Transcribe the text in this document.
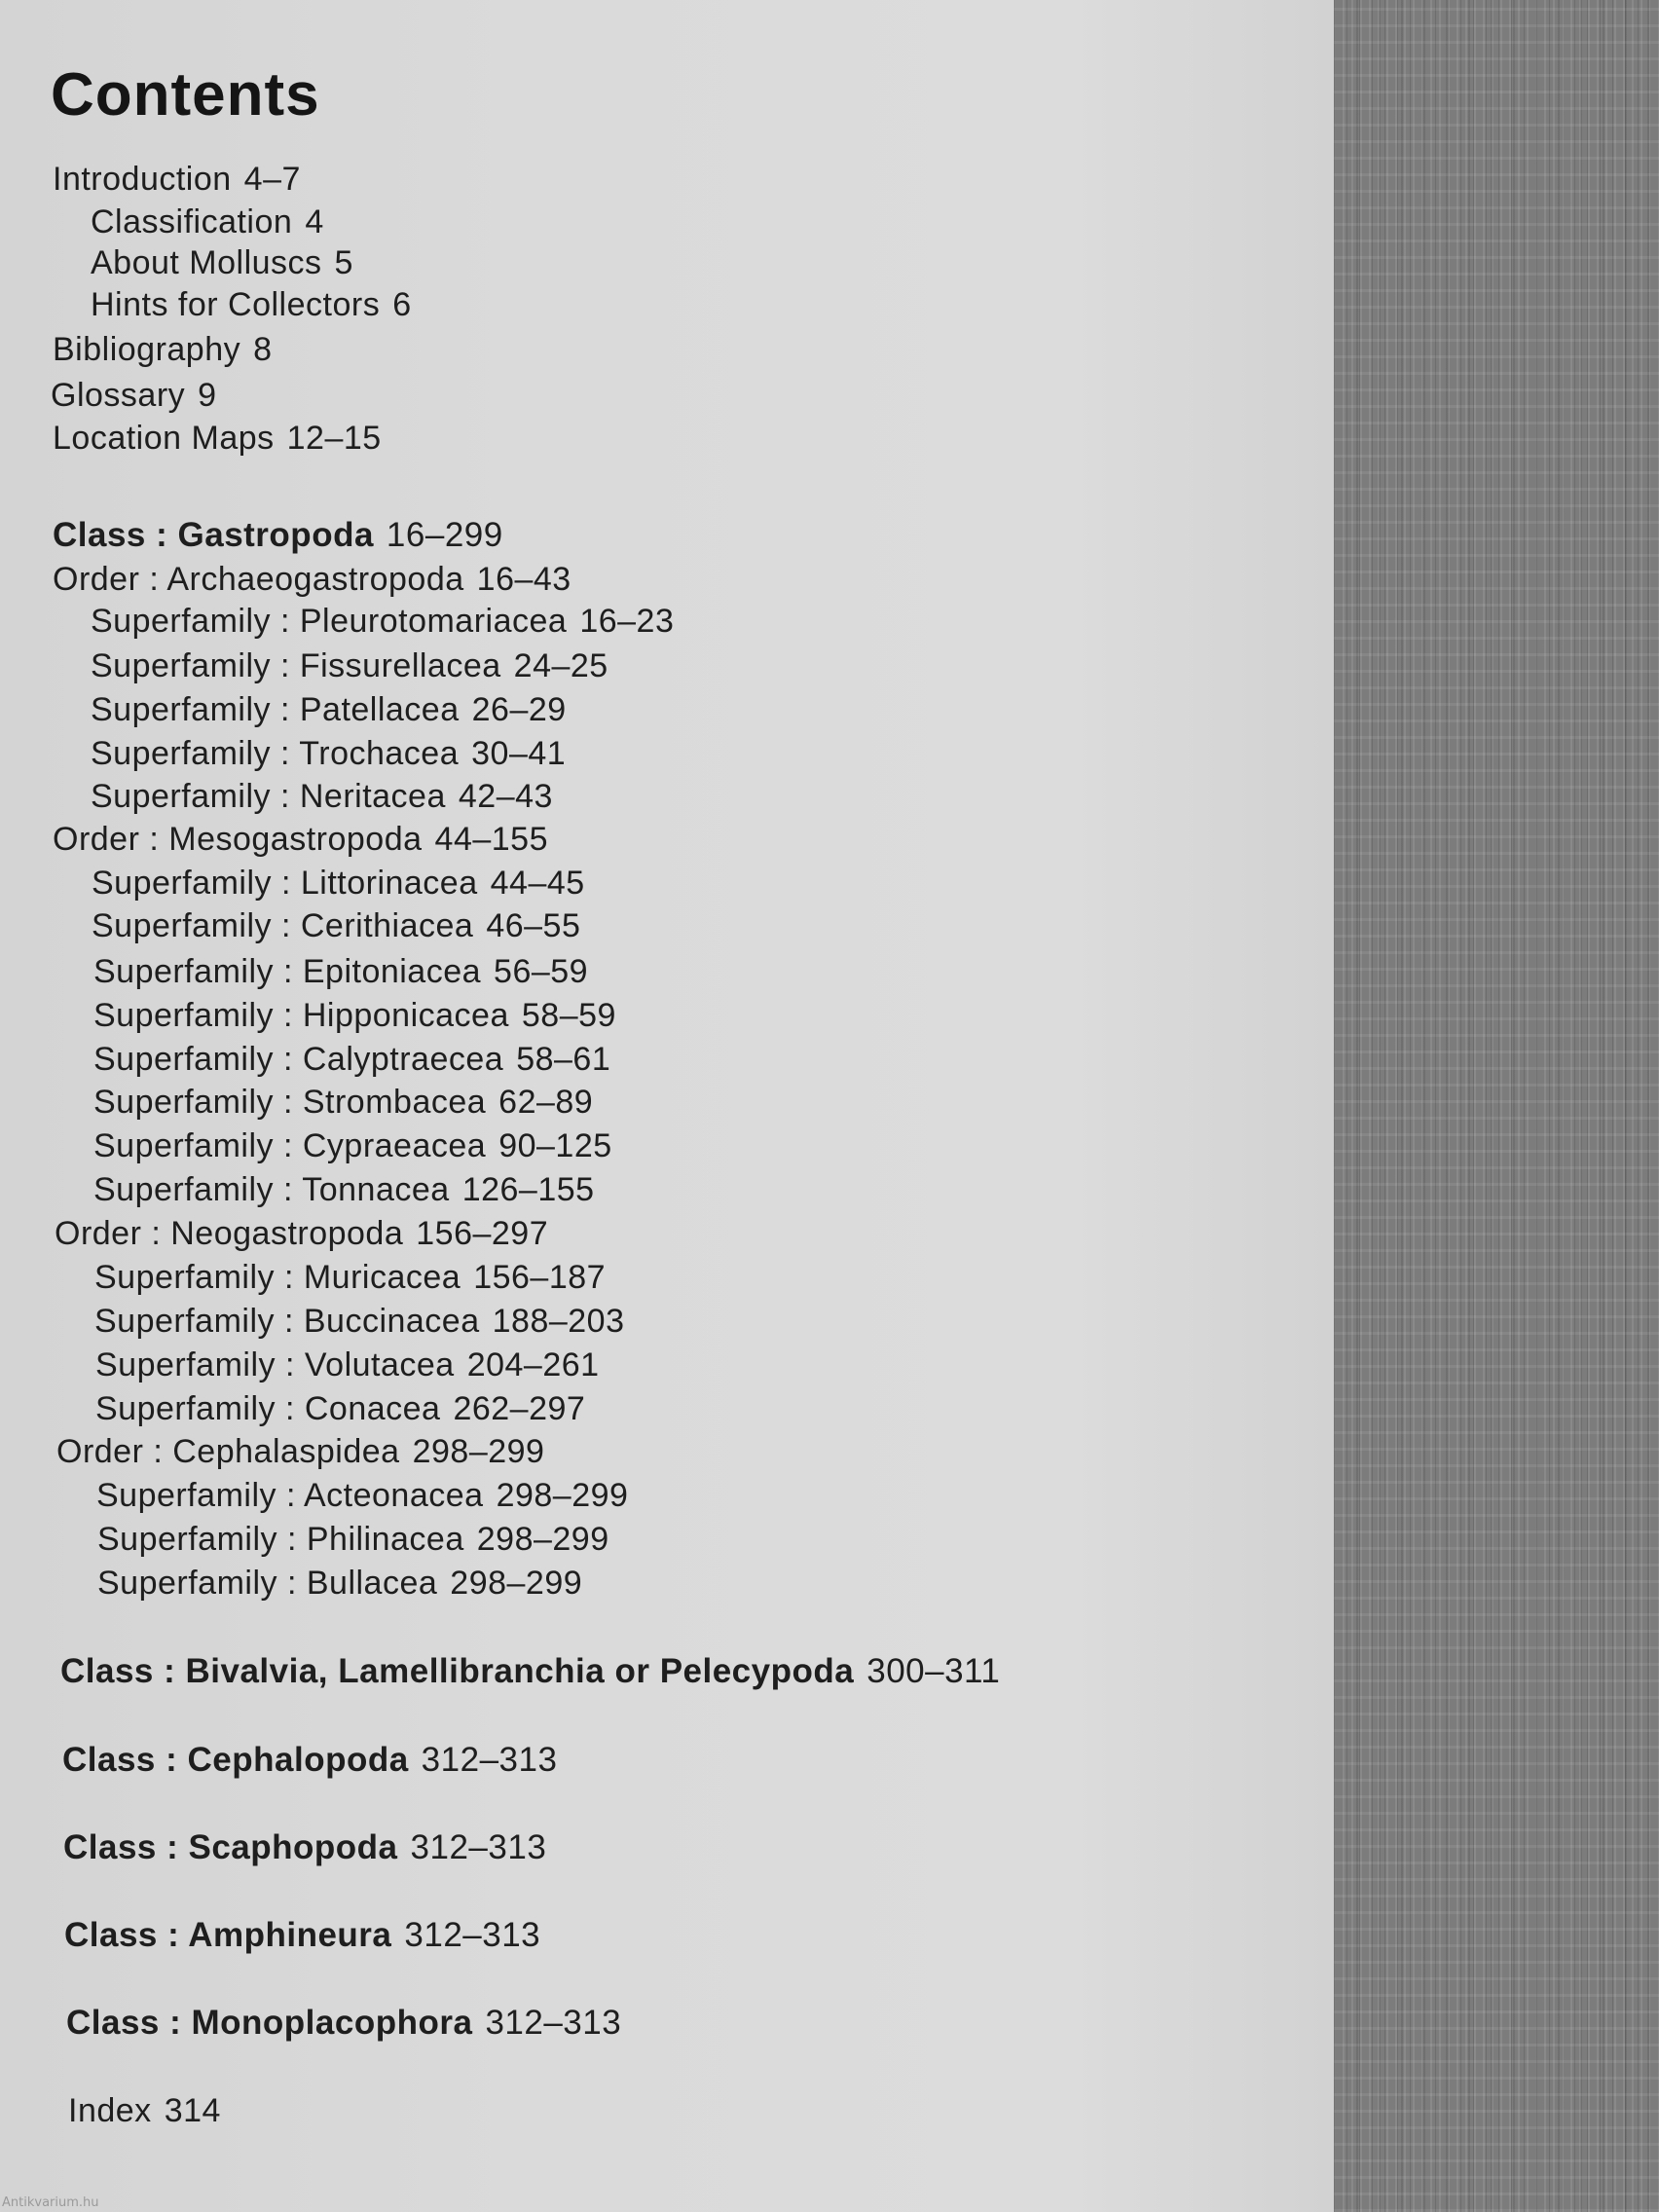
Contents
Introduction 4–7
Classification 4
About Molluscs 5
Hints for Collectors 6
Bibliography 8
Glossary 9
Location Maps 12–15
Class : Gastropoda 16–299
Order : Archaeogastropoda 16–43
Superfamily : Pleurotomariacea 16–23
Superfamily : Fissurellacea 24–25
Superfamily : Patellacea 26–29
Superfamily : Trochacea 30–41
Superfamily : Neritacea 42–43
Order : Mesogastropoda 44–155
Superfamily : Littorinacea 44–45
Superfamily : Cerithiacea 46–55
Superfamily : Epitoniacea 56–59
Superfamily : Hipponicacea 58–59
Superfamily : Calyptraecea 58–61
Superfamily : Strombacea 62–89
Superfamily : Cypraeacea 90–125
Superfamily : Tonnacea 126–155
Order : Neogastropoda 156–297
Superfamily : Muricacea 156–187
Superfamily : Buccinacea 188–203
Superfamily : Volutacea 204–261
Superfamily : Conacea 262–297
Order : Cephalaspidea 298–299
Superfamily : Acteonacea 298–299
Superfamily : Philinacea 298–299
Superfamily : Bullacea 298–299
Class : Bivalvia, Lamellibranchia or Pelecypoda 300–311
Class : Cephalopoda 312–313
Class : Scaphopoda 312–313
Class : Amphineura 312–313
Class : Monoplacophora 312–313
Index 314
Antikvarium.hu
